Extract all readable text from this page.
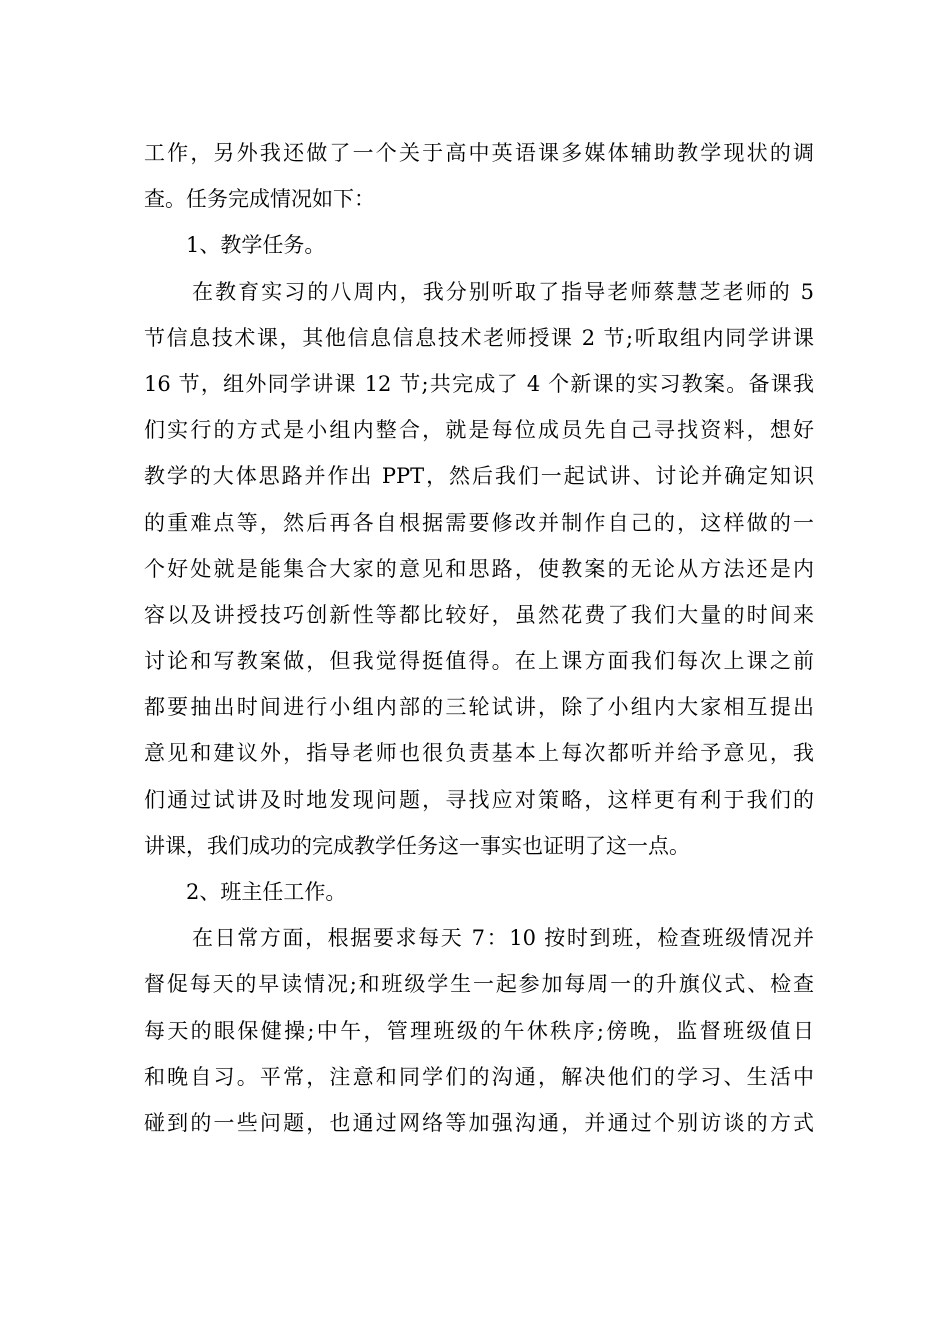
工作，另外我还做了一个关于高中英语课多媒体辅助教学现状的调
查。任务完成情况如下：
1、教学任务。
在教育实习的八周内，我分别听取了指导老师蔡慧芝老师的 5
节信息技术课，其他信息信息技术老师授课 2 节;听取组内同学讲课
16 节，组外同学讲课 12 节;共完成了 4 个新课的实习教案。备课我
们实行的方式是小组内整合，就是每位成员先自己寻找资料，想好
教学的大体思路并作出 PPT，然后我们一起试讲、讨论并确定知识
的重难点等，然后再各自根据需要修改并制作自己的，这样做的一
个好处就是能集合大家的意见和思路，使教案的无论从方法还是内
容以及讲授技巧创新性等都比较好，虽然花费了我们大量的时间来
讨论和写教案做，但我觉得挺值得。在上课方面我们每次上课之前
都要抽出时间进行小组内部的三轮试讲，除了小组内大家相互提出
意见和建议外，指导老师也很负责基本上每次都听并给予意见，我
们通过试讲及时地发现问题，寻找应对策略，这样更有利于我们的
讲课，我们成功的完成教学任务这一事实也证明了这一点。
2、班主任工作。
在日常方面，根据要求每天 7：10 按时到班，检查班级情况并
督促每天的早读情况;和班级学生一起参加每周一的升旗仪式、检查
每天的眼保健操;中午，管理班级的午休秩序;傍晚，监督班级值日
和晚自习。平常，注意和同学们的沟通，解决他们的学习、生活中
碰到的一些问题，也通过网络等加强沟通，并通过个别访谈的方式
